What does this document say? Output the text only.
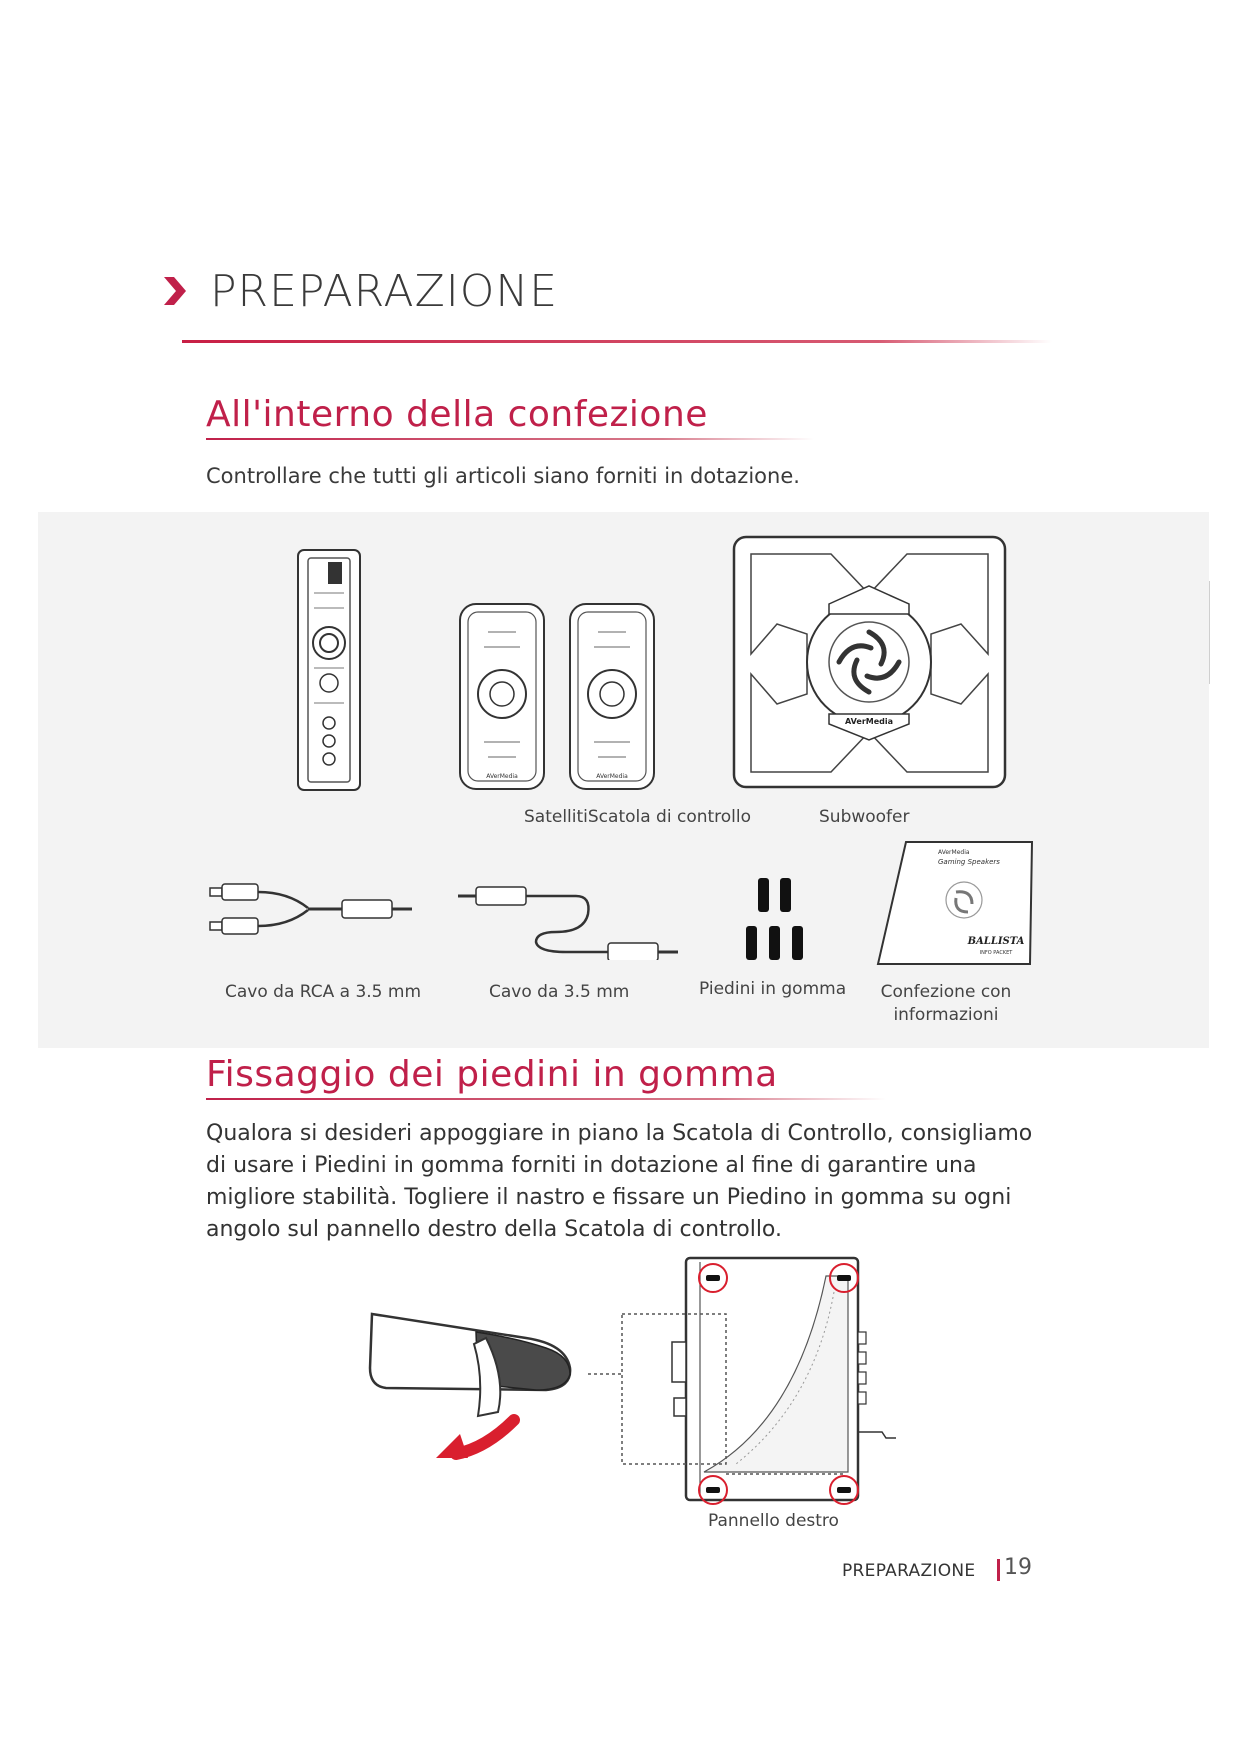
PREPARAZIONE
All'interno della confezione
Controllare che tutti gli articoli siano forniti in dotazione.
AVerMedia	AVerMedia
AVerMedia
SatellitiScatola di controllo	Subwoofer
AVerMedia
Gaming Speakers
BALLISTA
INFO PACKET
Cavo da RCA a 3.5 mm	Cavo da 3.5 mm	Piedini in gomma	Confezione con
informazioni
Fissaggio dei piedini in gomma
Qualora si desideri appoggiare in piano la Scatola di Controllo, consigliamo
di usare i Piedini in gomma forniti in dotazione al fine di garantire una
migliore stabilità. Togliere il nastro e fissare un Piedino in gomma su ogni
angolo sul pannello destro della Scatola di controllo.
Pannello destro
PREPARAZIONE 19
